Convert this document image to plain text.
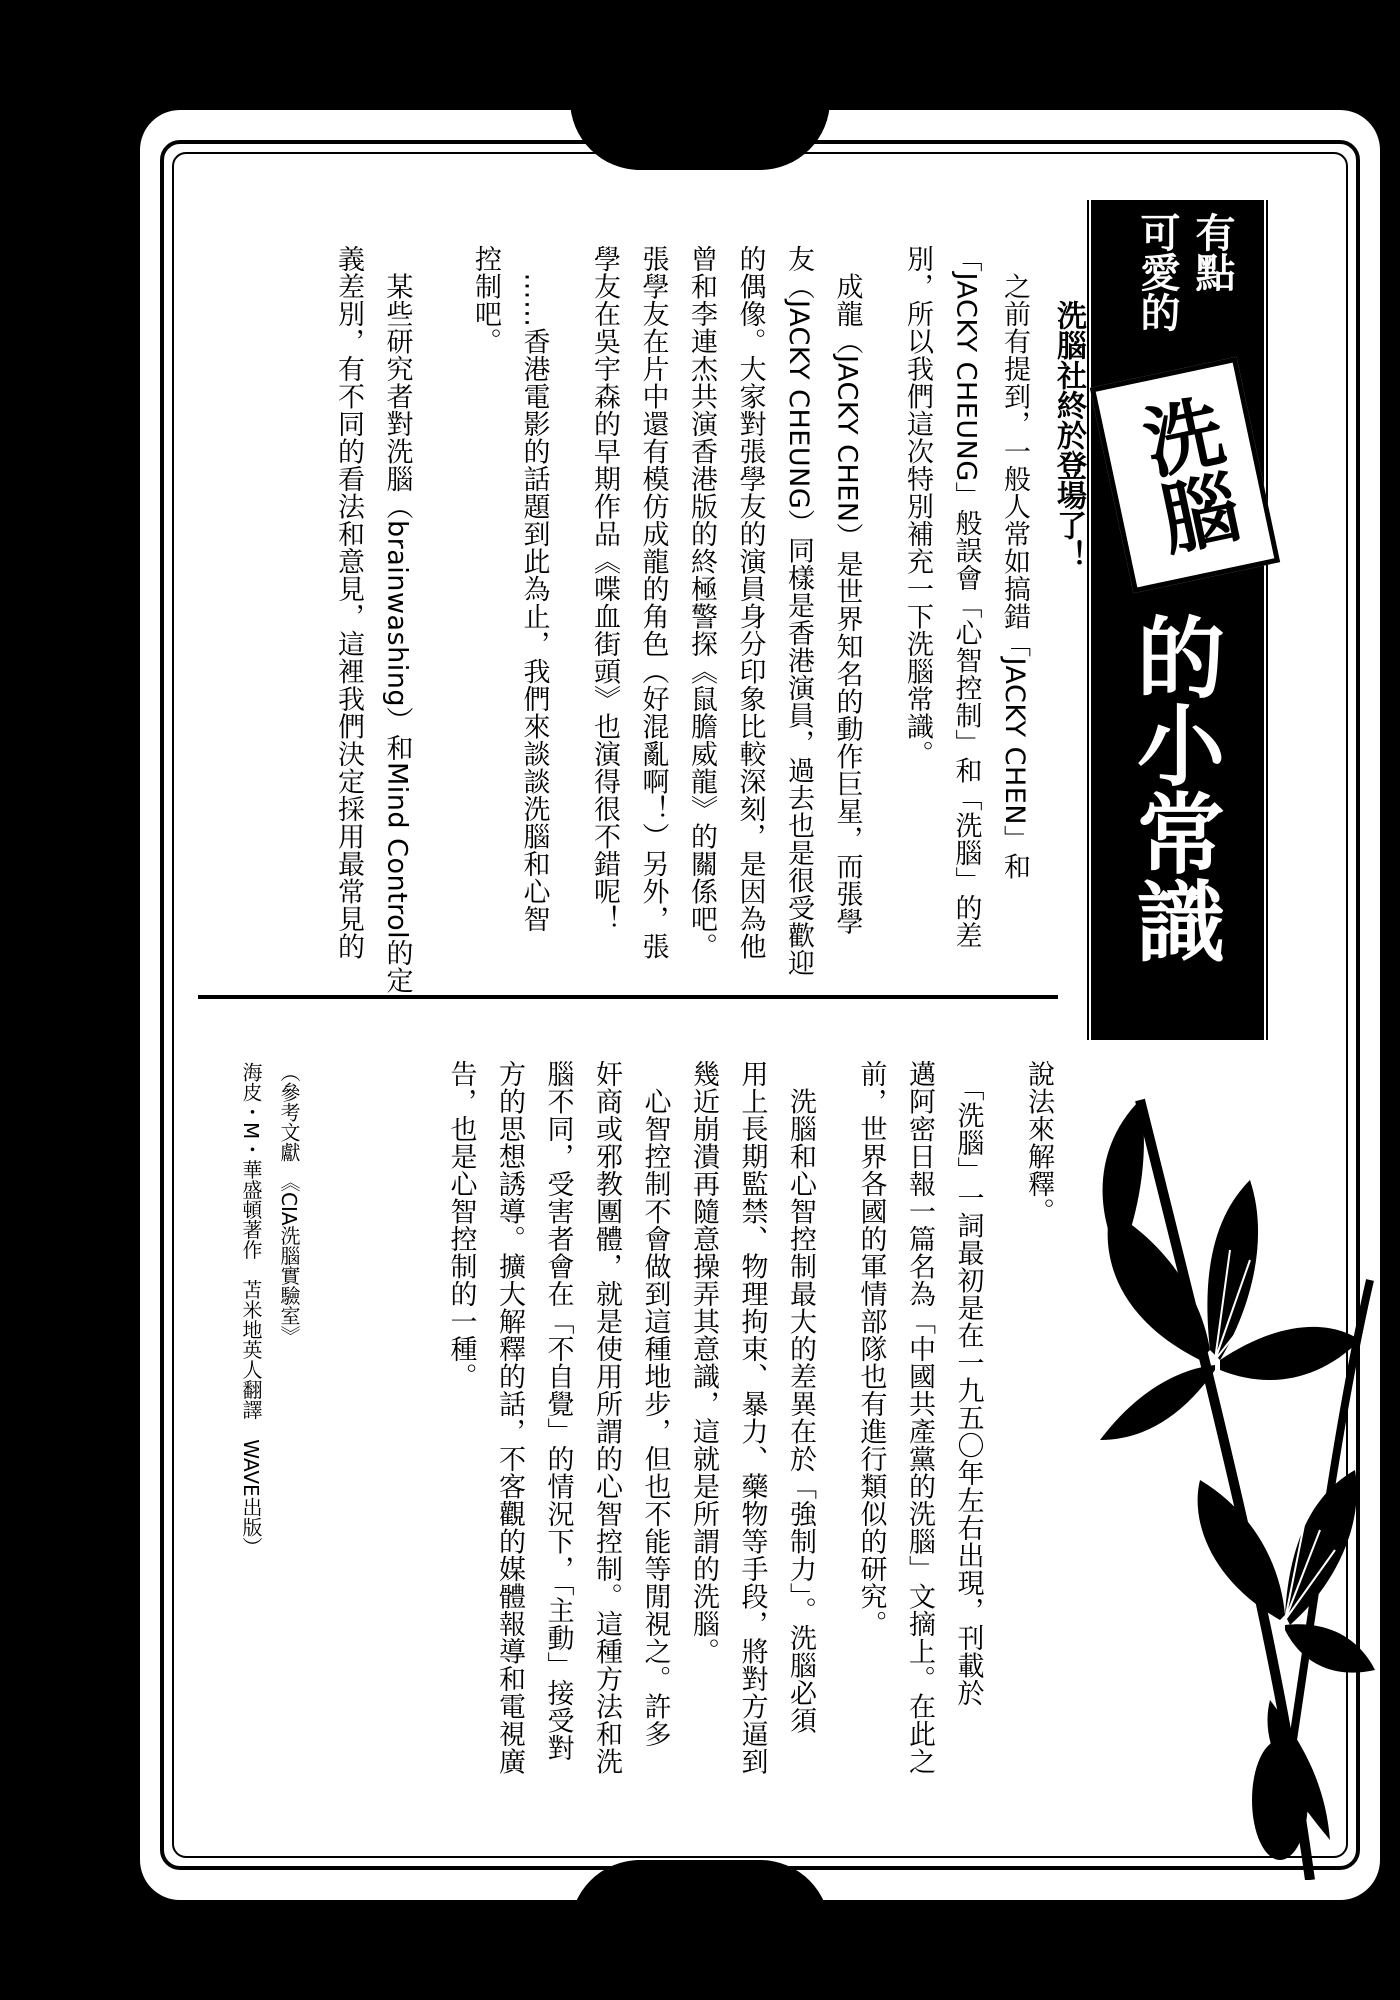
有點
可愛的
洗腦
的小常識
洗腦社終於登場了！
　之前有提到，一般人常如搞錯「JACKY CHEN」和
「JACKY CHEUNG」般誤會「心智控制」和「洗腦」的差
別，所以我們這次特別補充一下洗腦常識。
　成龍（JACKY CHEN）是世界知名的動作巨星，而張學
友（JACKY CHEUNG）同樣是香港演員，過去也是很受歡迎
的偶像。大家對張學友的演員身分印象比較深刻，是因為他
曾和李連杰共演香港版的終極警探《鼠膽威龍》的關係吧。
張學友在片中還有模仿成龍的角色（好混亂啊！）另外，張
學友在吳宇森的早期作品《喋血街頭》也演得很不錯呢！
　……香港電影的話題到此為止，我們來談談洗腦和心智
控制吧。
　某些研究者對洗腦（brainwashing）和Mind Control的定
義差別，有不同的看法和意見，這裡我們決定採用最常見的
說法來解釋。
　「洗腦」一詞最初是在一九五〇年左右出現，刊載於
邁阿密日報一篇名為「中國共產黨的洗腦」文摘上。在此之
前，世界各國的軍情部隊也有進行類似的研究。
　洗腦和心智控制最大的差異在於「強制力」。洗腦必須
用上長期監禁、物理拘束、暴力、藥物等手段，將對方逼到
幾近崩潰再隨意操弄其意識，這就是所謂的洗腦。
　心智控制不會做到這種地步，但也不能等閒視之。許多
奸商或邪教團體，就是使用所謂的心智控制。這種方法和洗
腦不同，受害者會在「不自覺」的情況下，「主動」接受對
方的思想誘導。擴大解釋的話，不客觀的媒體報導和電視廣
告，也是心智控制的一種。
（參考文獻　《CIA洗腦實驗室》
海皮・M・華盛頓著作　苫米地英人翻譯　WAVE出版）
